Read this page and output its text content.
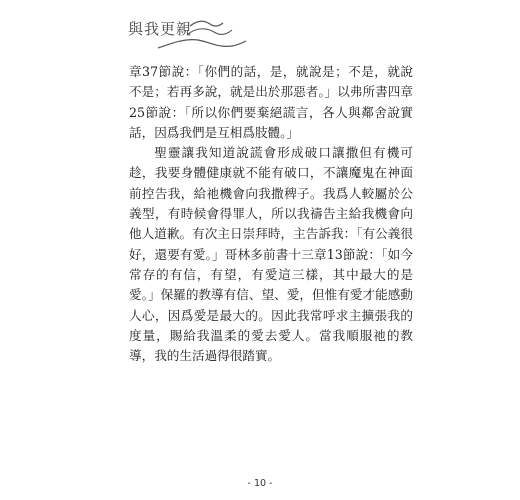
與我更親

章37節說：「你們的話，是，就說是；不是，就說不是；若再多說，就是出於那惡者。」以弗所書四章25節說：「所以你們要棄絕謊言，各人與鄰舍說實話，因爲我們是互相爲肢體。」

聖靈讓我知道說謊會形成破口讓撒但有機可趁，我要身體健康就不能有破口，不讓魔鬼在神面前控告我，給祂機會向我撒稗子。我爲人較屬於公義型，有時候會得罪人，所以我禱告主給我機會向他人道歉。有次主日崇拜時，主告訴我：「有公義很好，還要有愛。」哥林多前書十三章13節說：「如今常存的有信，有望，有愛這三樣，其中最大的是愛。」保羅的教導有信、望、愛，但惟有愛才能感動人心，因爲愛是最大的。因此我常呼求主擴張我的度量，賜給我溫柔的愛去愛人。當我順服祂的教導，我的生活過得很踏實。

- 10 -
